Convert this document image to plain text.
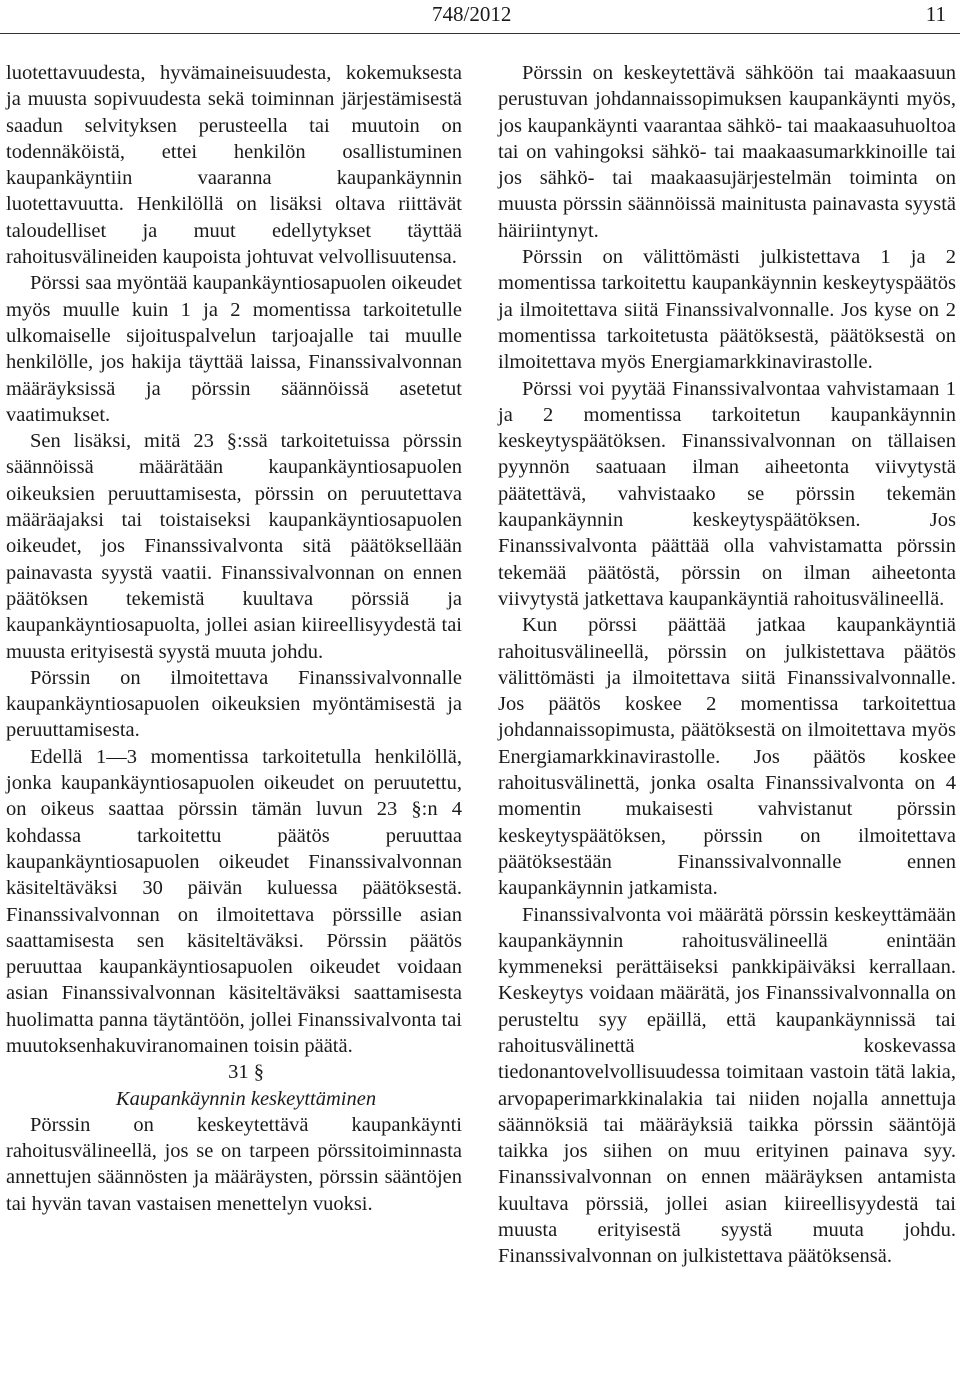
748/2012	11

luotettavuudesta, hyvämaineisuudesta, kokemuksesta ja muusta sopivuudesta sekä toiminnan järjestämisestä saadun selvityksen perusteella tai muutoin on todennäköistä, ettei henkilön osallistuminen kaupankäyntiin vaaranna kaupankäynnin luotettavuutta. Henkilöllä on lisäksi oltava riittävät taloudelliset ja muut edellytykset täyttää rahoitusvälineiden kaupoista johtuvat velvollisuutensa.

Pörssi saa myöntää kaupankäyntiosapuolen oikeudet myös muulle kuin 1 ja 2 momentissa tarkoitetulle ulkomaiselle sijoituspalvelun tarjoajalle tai muulle henkilölle, jos hakija täyttää laissa, Finanssivalvonnan määräyksissä ja pörssin säännöissä asetetut vaatimukset.

Sen lisäksi, mitä 23 §:ssä tarkoitetuissa pörssin säännöissä määrätään kaupankäyntiosapuolen oikeuksien peruuttamisesta, pörssin on peruutettava määräajaksi tai toistaiseksi kaupankäyntiosapuolen oikeudet, jos Finanssivalvonta sitä päätöksellään painavasta syystä vaatii. Finanssivalvonnan on ennen päätöksen tekemistä kuultava pörssiä ja kaupankäyntiosapuolta, jollei asian kiireellisyydestä tai muusta erityisestä syystä muuta johdu.

Pörssin on ilmoitettava Finanssivalvonnalle kaupankäyntiosapuolen oikeuksien myöntämisestä ja peruuttamisesta.

Edellä 1—3 momentissa tarkoitetulla henkilöllä, jonka kaupankäyntiosapuolen oikeudet on peruutettu, on oikeus saattaa pörssin tämän luvun 23 §:n 4 kohdassa tarkoitettu päätös peruuttaa kaupankäyntiosapuolen oikeudet Finanssivalvonnan käsiteltäväksi 30 päivän kuluessa päätöksestä. Finanssivalvonnan on ilmoitettava pörssille asian saattamisesta sen käsiteltäväksi. Pörssin päätös peruuttaa kaupankäyntiosapuolen oikeudet voidaan asian Finanssivalvonnan käsiteltäväksi saattamisesta huolimatta panna täytäntöön, jollei Finanssivalvonta tai muutoksenhakuviranomainen toisin päätä.

31 §

Kaupankäynnin keskeyttäminen

Pörssin on keskeytettävä kaupankäynti rahoitusvälineellä, jos se on tarpeen pörssitoiminnasta annettujen säännösten ja määräysten, pörssin sääntöjen tai hyvän tavan vastaisen menettelyn vuoksi.

Pörssin on keskeytettävä sähköön tai maakaasuun perustuvan johdannaissopimuksen kaupankäynti myös, jos kaupankäynti vaarantaa sähkö- tai maakaasuhuoltoa tai on vahingoksi sähkö- tai maakaasumarkkinoille tai jos sähkö- tai maakaasujärjestelmän toiminta on muusta pörssin säännöissä mainitusta painavasta syystä häiriintynyt.

Pörssin on välittömästi julkistettava 1 ja 2 momentissa tarkoitettu kaupankäynnin keskeytyspäätös ja ilmoitettava siitä Finanssivalvonnalle. Jos kyse on 2 momentissa tarkoitetusta päätöksestä, päätöksestä on ilmoitettava myös Energiamarkkinavirastolle.

Pörssi voi pyytää Finanssivalvontaa vahvistamaan 1 ja 2 momentissa tarkoitetun kaupankäynnin keskeytyspäätöksen. Finanssivalvonnan on tällaisen pyynnön saatuaan ilman aiheetonta viivytystä päätettävä, vahvistaako se pörssin tekemän kaupankäynnin keskeytyspäätöksen. Jos Finanssivalvonta päättää olla vahvistamatta pörssin tekemää päätöstä, pörssin on ilman aiheetonta viivytystä jatkettava kaupankäyntiä rahoitusvälineellä.

Kun pörssi päättää jatkaa kaupankäyntiä rahoitusvälineellä, pörssin on julkistettava päätös välittömästi ja ilmoitettava siitä Finanssivalvonnalle. Jos päätös koskee 2 momentissa tarkoitettua johdannaissopimusta, päätöksestä on ilmoitettava myös Energiamarkkinavirastolle. Jos päätös koskee rahoitusvälinettä, jonka osalta Finanssivalvonta on 4 momentin mukaisesti vahvistanut pörssin keskeytyspäätöksen, pörssin on ilmoitettava päätöksestään Finanssivalvonnalle ennen kaupankäynnin jatkamista.

Finanssivalvonta voi määrätä pörssin keskeyttämään kaupankäynnin rahoitusvälineellä enintään kymmeneksi perättäiseksi pankkipäiväksi kerrallaan. Keskeytys voidaan määrätä, jos Finanssivalvonnalla on perusteltu syy epäillä, että kaupankäynnissä tai rahoitusvälinettä koskevassa tiedonantovelvollisuudessa toimitaan vastoin tätä lakia, arvopaperimarkkinalakia tai niiden nojalla annettuja säännöksiä tai määräyksiä taikka pörssin sääntöjä taikka jos siihen on muu erityinen painava syy. Finanssivalvonnan on ennen määräyksen antamista kuultava pörssiä, jollei asian kiireellisyydestä tai muusta erityisestä syystä muuta johdu. Finanssivalvonnan on julkistettava päätöksensä.
